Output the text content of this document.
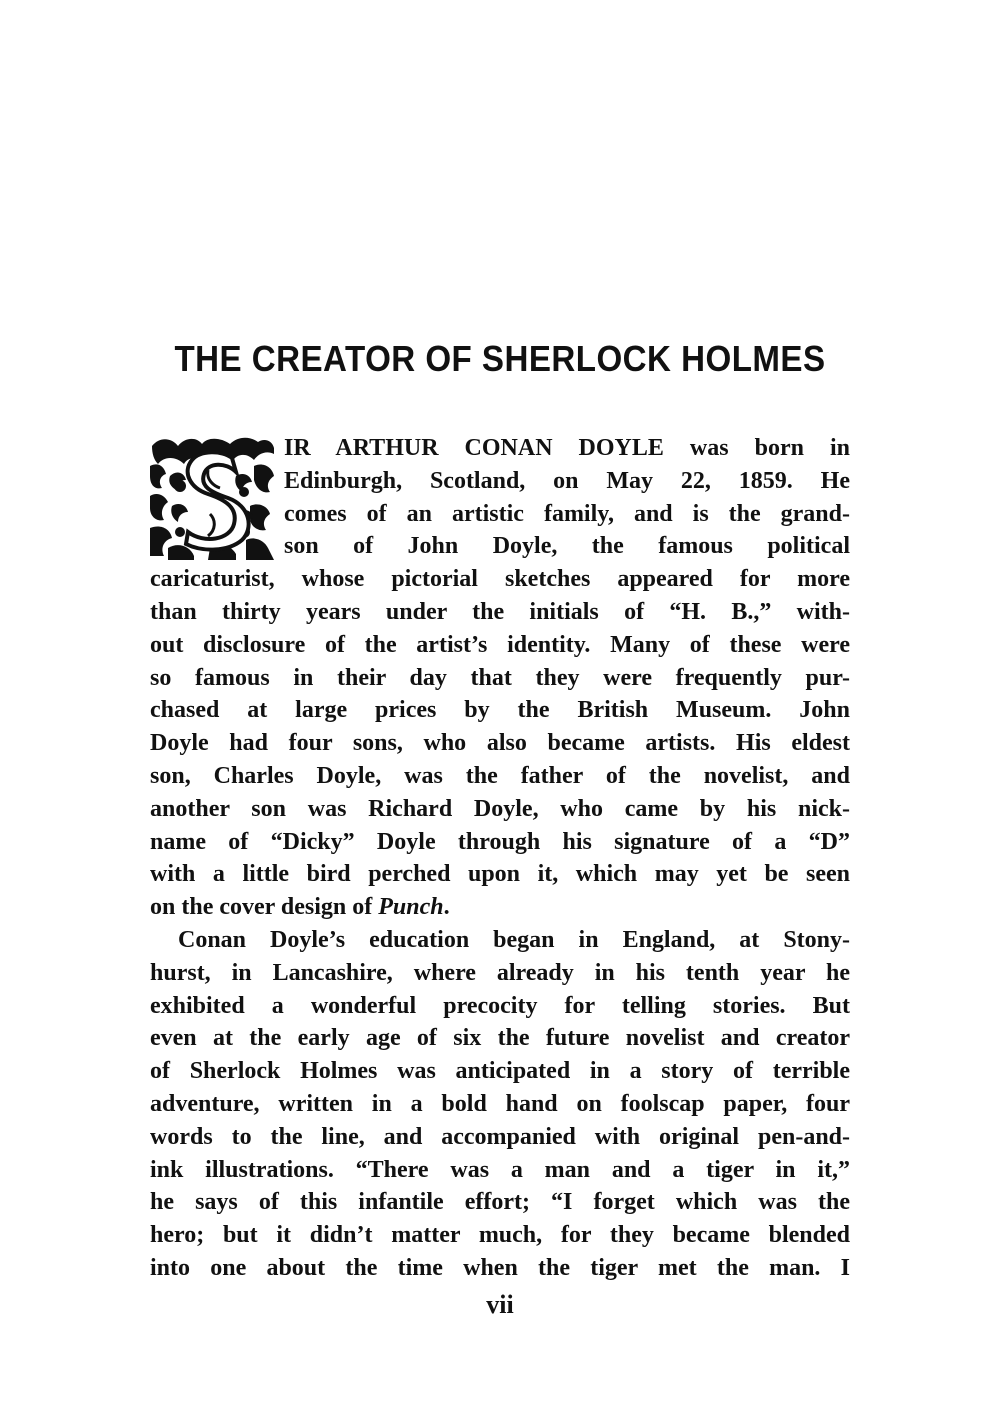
THE CREATOR OF SHERLOCK HOLMES
IR ARTHUR CONAN DOYLE was born in
Edinburgh, Scotland, on May 22, 1859. He
comes of an artistic family, and is the grand-
son of John Doyle, the famous political
caricaturist, whose pictorial sketches appeared for more
than thirty years under the initials of “H. B.,” with-
out disclosure of the artist’s identity. Many of these were
so famous in their day that they were frequently pur-
chased at large prices by the British Museum. John
Doyle had four sons, who also became artists. His eldest
son, Charles Doyle, was the father of the novelist, and
another son was Richard Doyle, who came by his nick-
name of “Dicky” Doyle through his signature of a “D”
with a little bird perched upon it, which may yet be seen
on the cover design of Punch.
Conan Doyle’s education began in England, at Stony-
hurst, in Lancashire, where already in his tenth year he
exhibited a wonderful precocity for telling stories. But
even at the early age of six the future novelist and creator
of Sherlock Holmes was anticipated in a story of terrible
adventure, written in a bold hand on foolscap paper, four
words to the line, and accompanied with original pen-and-
ink illustrations. “There was a man and a tiger in it,”
he says of this infantile effort; “I forget which was the
hero; but it didn’t matter much, for they became blended
into one about the time when the tiger met the man. I
vii
